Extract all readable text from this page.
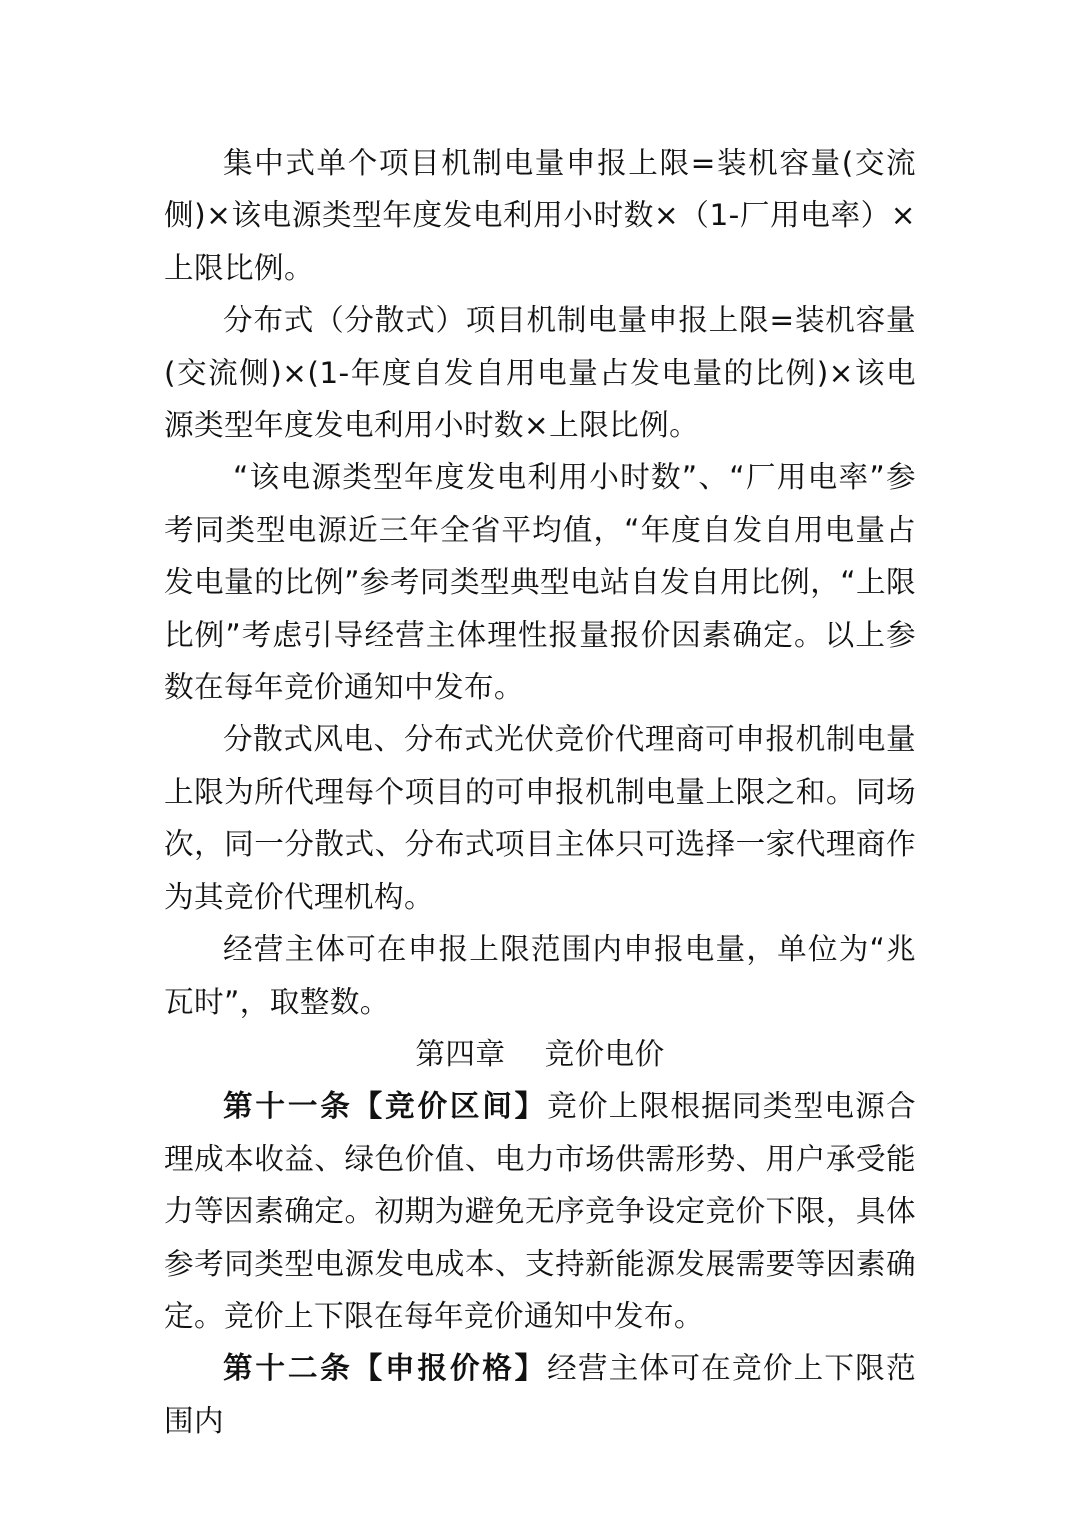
集中式单个项目机制电量申报上限=装机容量(交流侧)×该电源类型年度发电利用小时数×（1-厂用电率）×上限比例。

分布式（分散式）项目机制电量申报上限=装机容量(交流侧)×(1-年度自发自用电量占发电量的比例)×该电源类型年度发电利用小时数×上限比例。

“该电源类型年度发电利用小时数”、“厂用电率”参考同类型电源近三年全省平均值，“年度自发自用电量占发电量的比例”参考同类型典型电站自发自用比例，“上限比例”考虑引导经营主体理性报量报价因素确定。以上参数在每年竞价通知中发布。

分散式风电、分布式光伏竞价代理商可申报机制电量上限为所代理每个项目的可申报机制电量上限之和。同场次，同一分散式、分布式项目主体只可选择一家代理商作为其竞价代理机构。

经营主体可在申报上限范围内申报电量，单位为“兆瓦时”，取整数。

第四章    竞价电价

第十一条【竞价区间】竞价上限根据同类型电源合理成本收益、绿色价值、电力市场供需形势、用户承受能力等因素确定。初期为避免无序竞争设定竞价下限，具体参考同类型电源发电成本、支持新能源发展需要等因素确定。竞价上下限在每年竞价通知中发布。

第十二条【申报价格】经营主体可在竞价上下限范围内
